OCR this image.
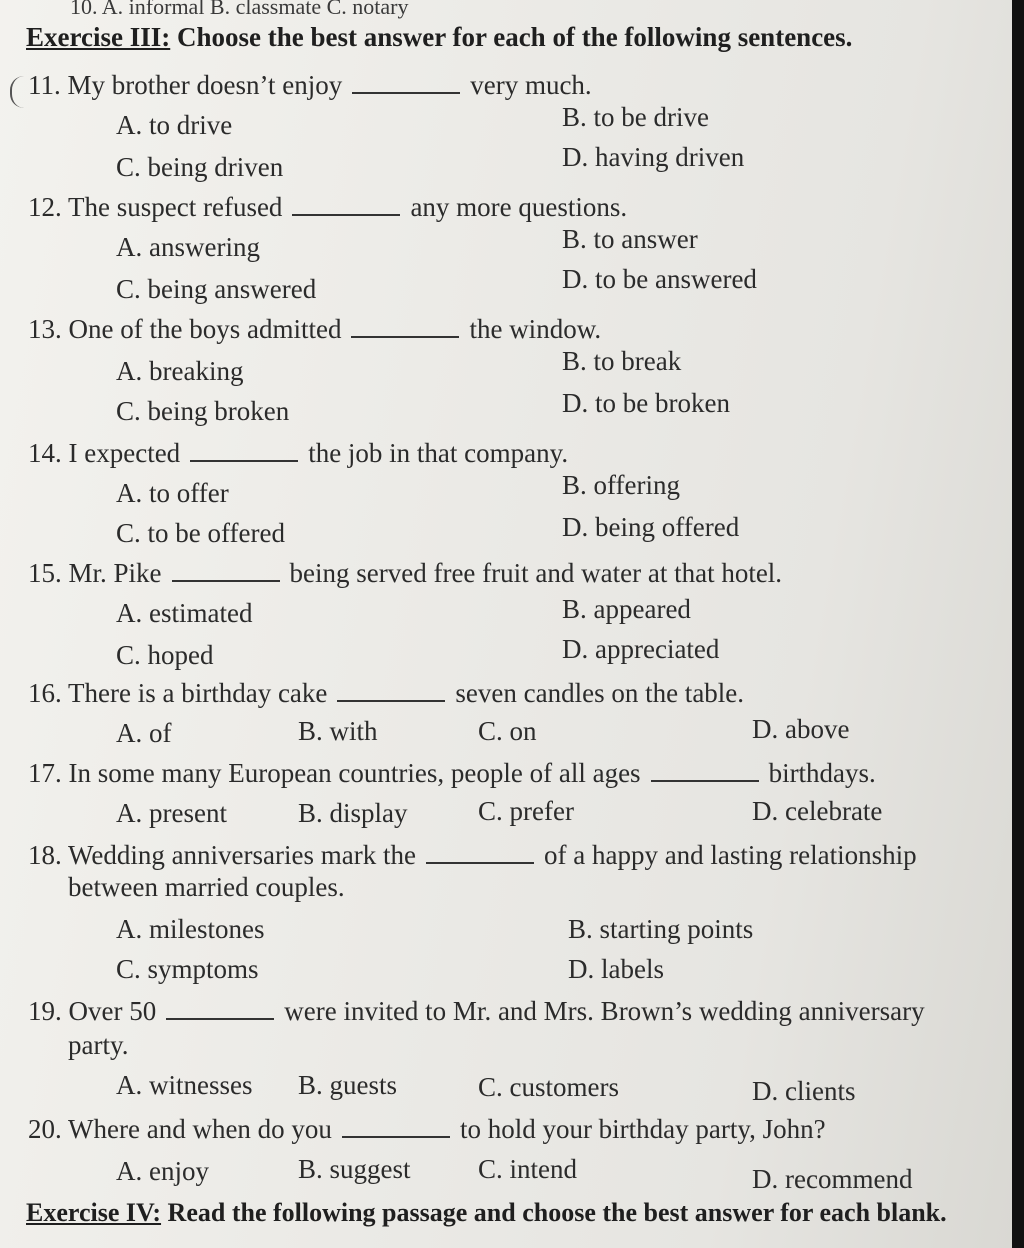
10. A. informal B. classmate C. notary
Exercise III: Choose the best answer for each of the following sentences.
11. My brother doesn’t enjoy	very much.
A. to drive	B. to be drive
C. being driven	D. having driven
12. The suspect refused	any more questions.
A. answering	B. to answer
C. being answered	D. to be answered
13. One of the boys admitted	the window.
A. breaking	B. to break
C. being broken	D. to be broken
14. I expected	the job in that company.
A. to offer	B. offering
C. to be offered	D. being offered
15. Mr. Pike	being served free fruit and water at that hotel.
A. estimated	B. appeared
C. hoped	D. appreciated
16. There is a birthday cake	seven candles on the table.
A. of	B. with	C. on	D. above
17. In some many European countries, people of all ages	birthdays.
A. present	B. display	C. prefer	D. celebrate
18. Wedding anniversaries mark the	of a happy and lasting relationship
between married couples.
A. milestones	B. starting points
C. symptoms	D. labels
19. Over 50	were invited to Mr. and Mrs. Brown’s wedding anniversary
party.
A. witnesses B. guests	C. customers	D. clients
20. Where and when do you	to hold your birthday party, John?
A. enjoy	B. suggest C. intend	D. recommend
Exercise IV: Read the following passage and choose the best answer for each blank.
